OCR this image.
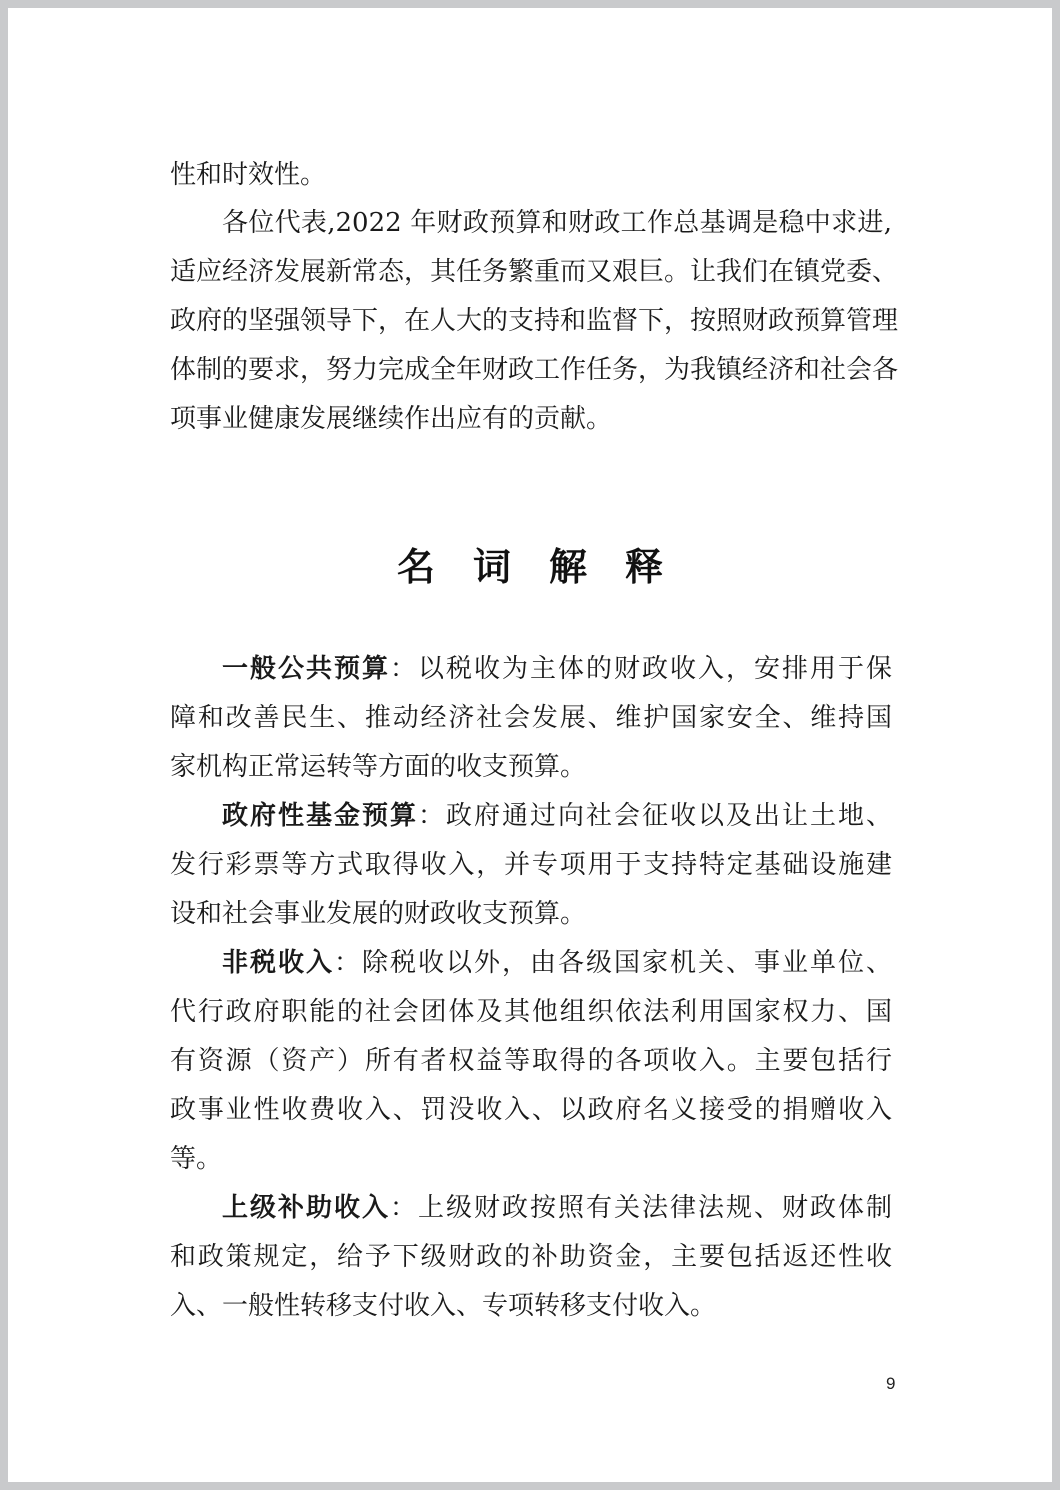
性和时效性。
各位代表,2022 年财政预算和财政工作总基调是稳中求进,
适应经济发展新常态，其任务繁重而又艰巨。让我们在镇党委、
政府的坚强领导下，在人大的支持和监督下，按照财政预算管理
体制的要求，努力完成全年财政工作任务，为我镇经济和社会各
项事业健康发展继续作出应有的贡献。
名词解释
一般公共预算：以税收为主体的财政收入，安排用于保
障和改善民生、推动经济社会发展、维护国家安全、维持国
家机构正常运转等方面的收支预算。
政府性基金预算：政府通过向社会征收以及出让土地、
发行彩票等方式取得收入，并专项用于支持特定基础设施建
设和社会事业发展的财政收支预算。
非税收入：除税收以外，由各级国家机关、事业单位、
代行政府职能的社会团体及其他组织依法利用国家权力、国
有资源（资产）所有者权益等取得的各项收入。主要包括行
政事业性收费收入、罚没收入、以政府名义接受的捐赠收入
等。
上级补助收入：上级财政按照有关法律法规、财政体制
和政策规定，给予下级财政的补助资金，主要包括返还性收
入、一般性转移支付收入、专项转移支付收入。
9
